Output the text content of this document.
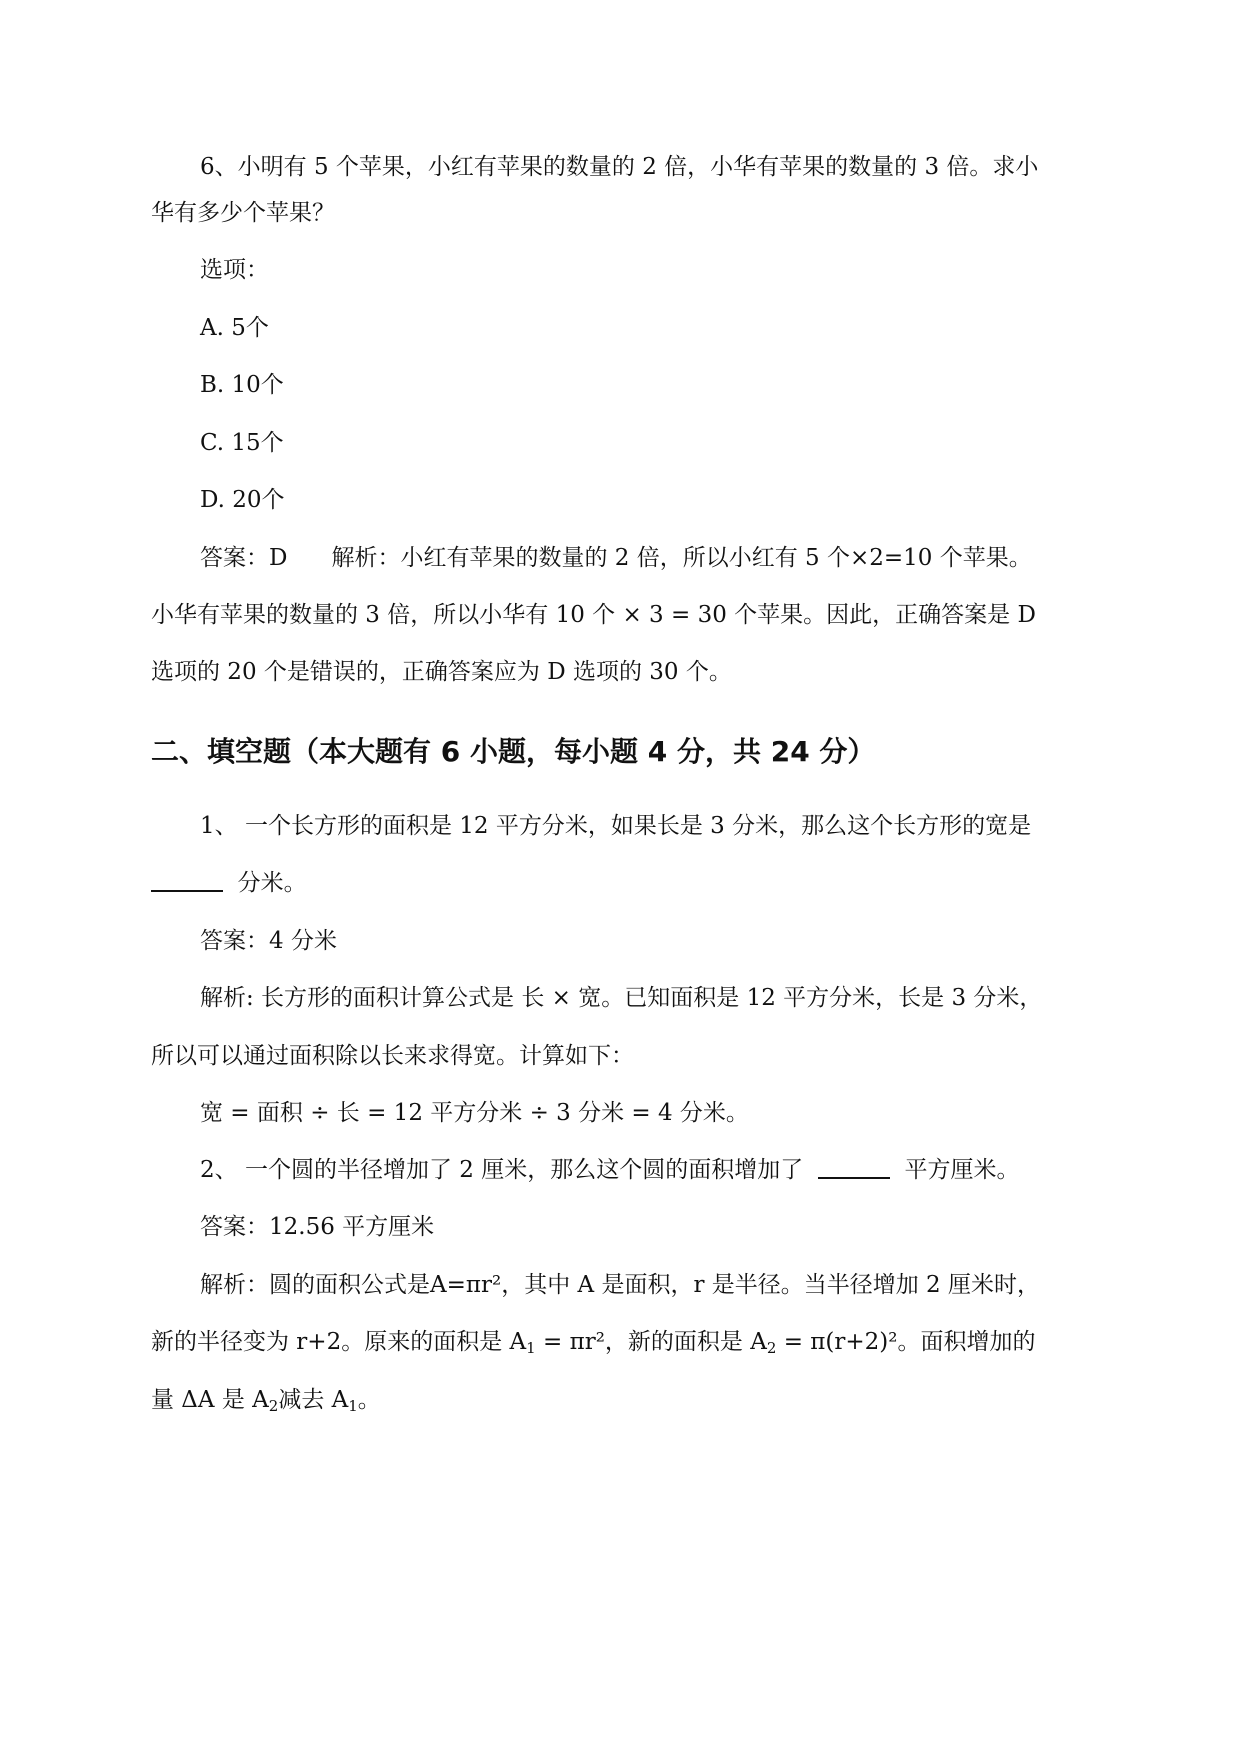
6、小明有 5 个苹果，小红有苹果的数量的 2 倍，小华有苹果的数量的 3 倍。求小
华有多少个苹果？
选项：
A. 5个
B. 10个
C. 15个
D. 20个
答案：D 解析：小红有苹果的数量的 2 倍，所以小红有 5 个×2=10 个苹果。
小华有苹果的数量的 3 倍，所以小华有 10 个 × 3 = 30 个苹果。因此，正确答案是 D
选项的 20 个是错误的，正确答案应为 D 选项的 30 个。
二、填空题（本大题有 6 小题，每小题 4 分，共 24 分）
1、 一个长方形的面积是 12 平方分米，如果长是 3 分米，那么这个长方形的宽是
分米。
答案：4 分米
解析: 长方形的面积计算公式是 长 × 宽。已知面积是 12 平方分米，长是 3 分米，
所以可以通过面积除以长来求得宽。计算如下：
宽 = 面积 ÷ 长 = 12 平方分米 ÷ 3 分米 = 4 分米。
2、 一个圆的半径增加了 2 厘米，那么这个圆的面积增加了	平方厘米。
答案：12.56 平方厘米
解析：圆的面积公式是A=πr²，其中 A 是面积，r 是半径。当半径增加 2 厘米时，
新的半径变为 r+2。原来的面积是 $A_1 = \pi r^2$，新的面积是 $A_2 = \pi(r+2)^2$。面积增加的
量 ΔA 是 $A_2$减去 $A_1$。
